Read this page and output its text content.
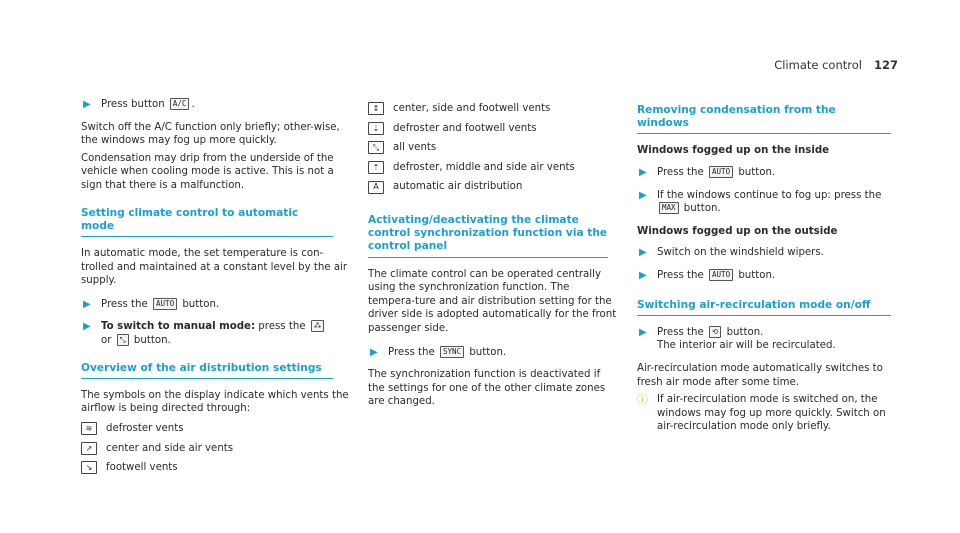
Climate control 127
▶ Press button A/C .

Switch off the A/C function only briefly; other-wise, the windows may fog up more quickly.

Condensation may drip from the underside of the vehicle when cooling mode is active. This is not a sign that there is a malfunction.

Setting climate control to automatic mode

In automatic mode, the set temperature is con-trolled and maintained at a constant level by the air supply.

▶ Press the AUTO button.
▶ To switch to manual mode: press the ⁂
or ⤡ button.
Overview of the air distribution settings

The symbols on the display indicate which vents the airflow is being directed through:

≋	defroster vents
↗	center and side air vents
↘	footwell vents
↕	center, side and footwell vents
⇣	defroster and footwell vents
⤡	all vents
⇡	defroster, middle and side air vents
A	automatic air distribution
Activating/deactivating the climate control synchronization function via the control panel

The climate control can be operated centrally using the synchronization function. The tempera-ture and air distribution setting for the driver side is adopted automatically for the front passenger side.

▶ Press the SYNC button.

The synchronization function is deactivated if the settings for one of the other climate zones are changed.

Removing condensation from the windows
Windows fogged up on the inside
▶ Press the AUTO button.
▶ If the windows continue to fog up: press the
MAX button.
Windows fogged up on the outside
▶ Switch on the windshield wipers.
▶ Press the AUTO button.
Switching air-recirculation mode on/off
▶ Press the ⟲ button.
The interior air will be recirculated.

Air-recirculation mode automatically switches to fresh air mode after some time.

ⓘ If air-recirculation mode is switched on, the windows may fog up more quickly. Switch on air-recirculation mode only briefly.
